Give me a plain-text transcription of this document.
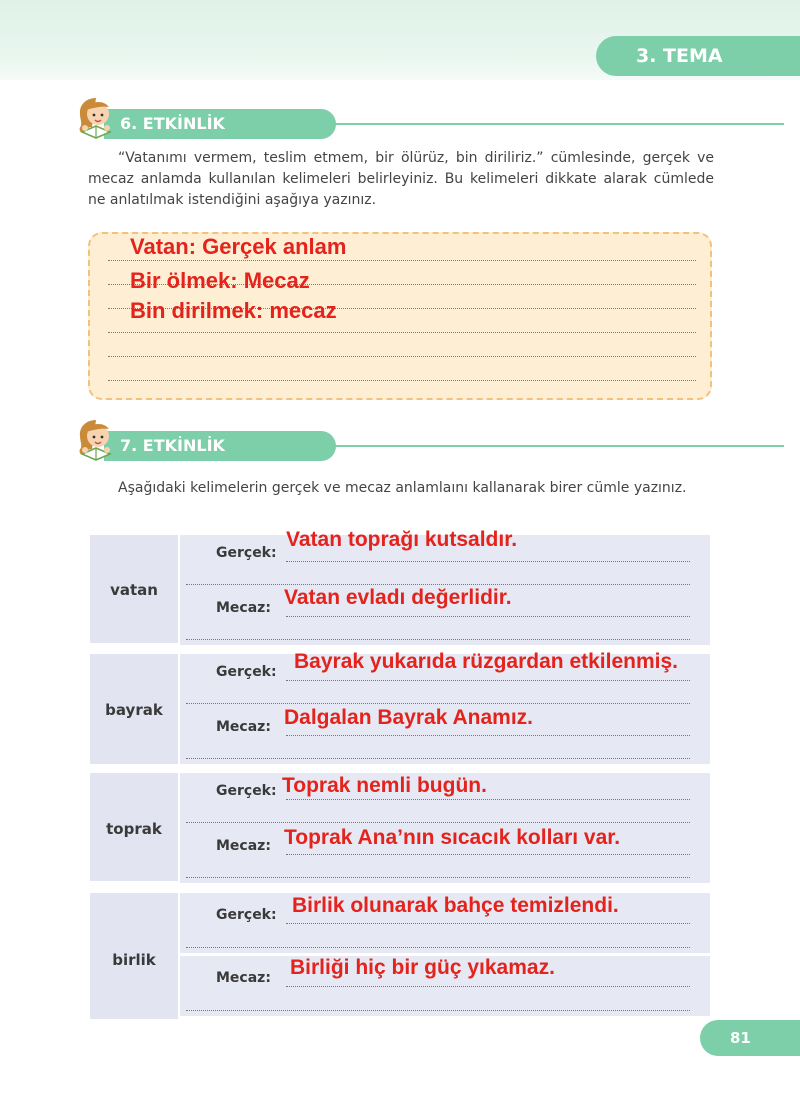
3. TEMA
6. ETKİNLİK
“Vatanımı vermem, teslim etmem, bir ölürüz, bin diriliriz.” cümlesinde, gerçek ve mecaz anlamda kullanılan kelimeleri belirleyiniz. Bu kelimeleri dikkate alarak cümlede ne anlatılmak istendiğini aşağıya yazınız.
Vatan: Gerçek anlam
Bir ölmek: Mecaz
Bin dirilmek: mecaz
7. ETKİNLİK
Aşağıdaki kelimelerin gerçek ve mecaz anlamlaını kallanarak birer cümle yazınız.
vatan
Gerçek:
Mecaz:
Vatan toprağı kutsaldır.
Vatan evladı değerlidir.
bayrak
Gerçek:
Mecaz:
Bayrak yukarıda rüzgardan etkilenmiş.
Dalgalan Bayrak Anamız.
toprak
Gerçek:
Mecaz:
Toprak nemli bugün.
Toprak Ana’nın sıcacık kolları var.
birlik
Gerçek:
Mecaz:
Birlik olunarak bahçe temizlendi.
Birliği hiç bir güç yıkamaz.
81
